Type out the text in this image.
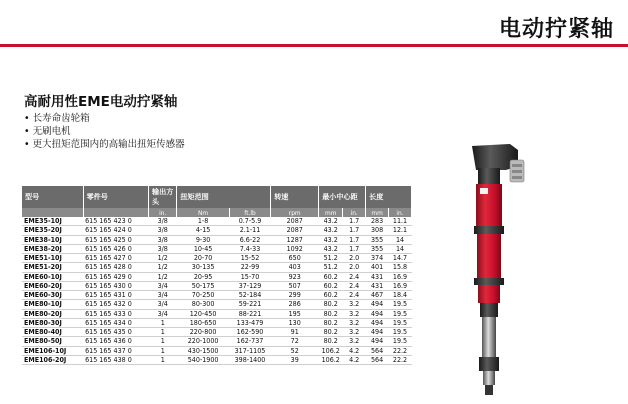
电动拧紧轴
高耐用性EME电动拧紧轴
• 长寿命齿轮箱
• 无刷电机
• 更大扭矩范围内的高输出扭矩传感器
型号	零件号	输出方头	扭矩范围		转速	最小中心距		长度	
		in.	Nm	ft.lb	rpm	mm	in.	mm	in.
EME35-10J	615 165 423 0	3/8	1-8	0.7-5.9	2087	43.2	1.7	283	11.1
EME35-20J	615 165 424 0	3/8	4-15	2.1-11	2087	43.2	1.7	308	12.1
EME38-10J	615 165 425 0	3/8	9-30	6.6-22	1287	43.2	1.7	355	14
EME38-20J	615 165 426 0	3/8	10-45	7.4-33	1092	43.2	1.7	355	14
EME51-10J	615 165 427 0	1/2	20-70	15-52	650	51.2	2.0	374	14.7
EME51-20J	615 165 428 0	1/2	30-135	22-99	403	51.2	2.0	401	15.8
EME60-10J	615 165 429 0	1/2	20-95	15-70	923	60.2	2.4	431	16.9
EME60-20J	615 165 430 0	3/4	50-175	37-129	507	60.2	2.4	431	16.9
EME60-30J	615 165 431 0	3/4	70-250	52-184	299	60.2	2.4	467	18.4
EME80-10J	615 165 432 0	3/4	80-300	59-221	286	80.2	3.2	494	19.5
EME80-20J	615 165 433 0	3/4	120-450	88-221	195	80.2	3.2	494	19.5
EME80-30J	615 165 434 0	1	180-650	133-479	130	80.2	3.2	494	19.5
EME80-40J	615 165 435 0	1	220-800	162-590	91	80.2	3.2	494	19.5
EME80-50J	615 165 436 0	1	220-1000	162-737	72	80.2	3.2	494	19.5
EME106-10J	615 165 437 0	1	430-1500	317-1105	52	106.2	4.2	564	22.2
EME106-20J	615 165 438 0	1	540-1900	398-1400	39	106.2	4.2	564	22.2
